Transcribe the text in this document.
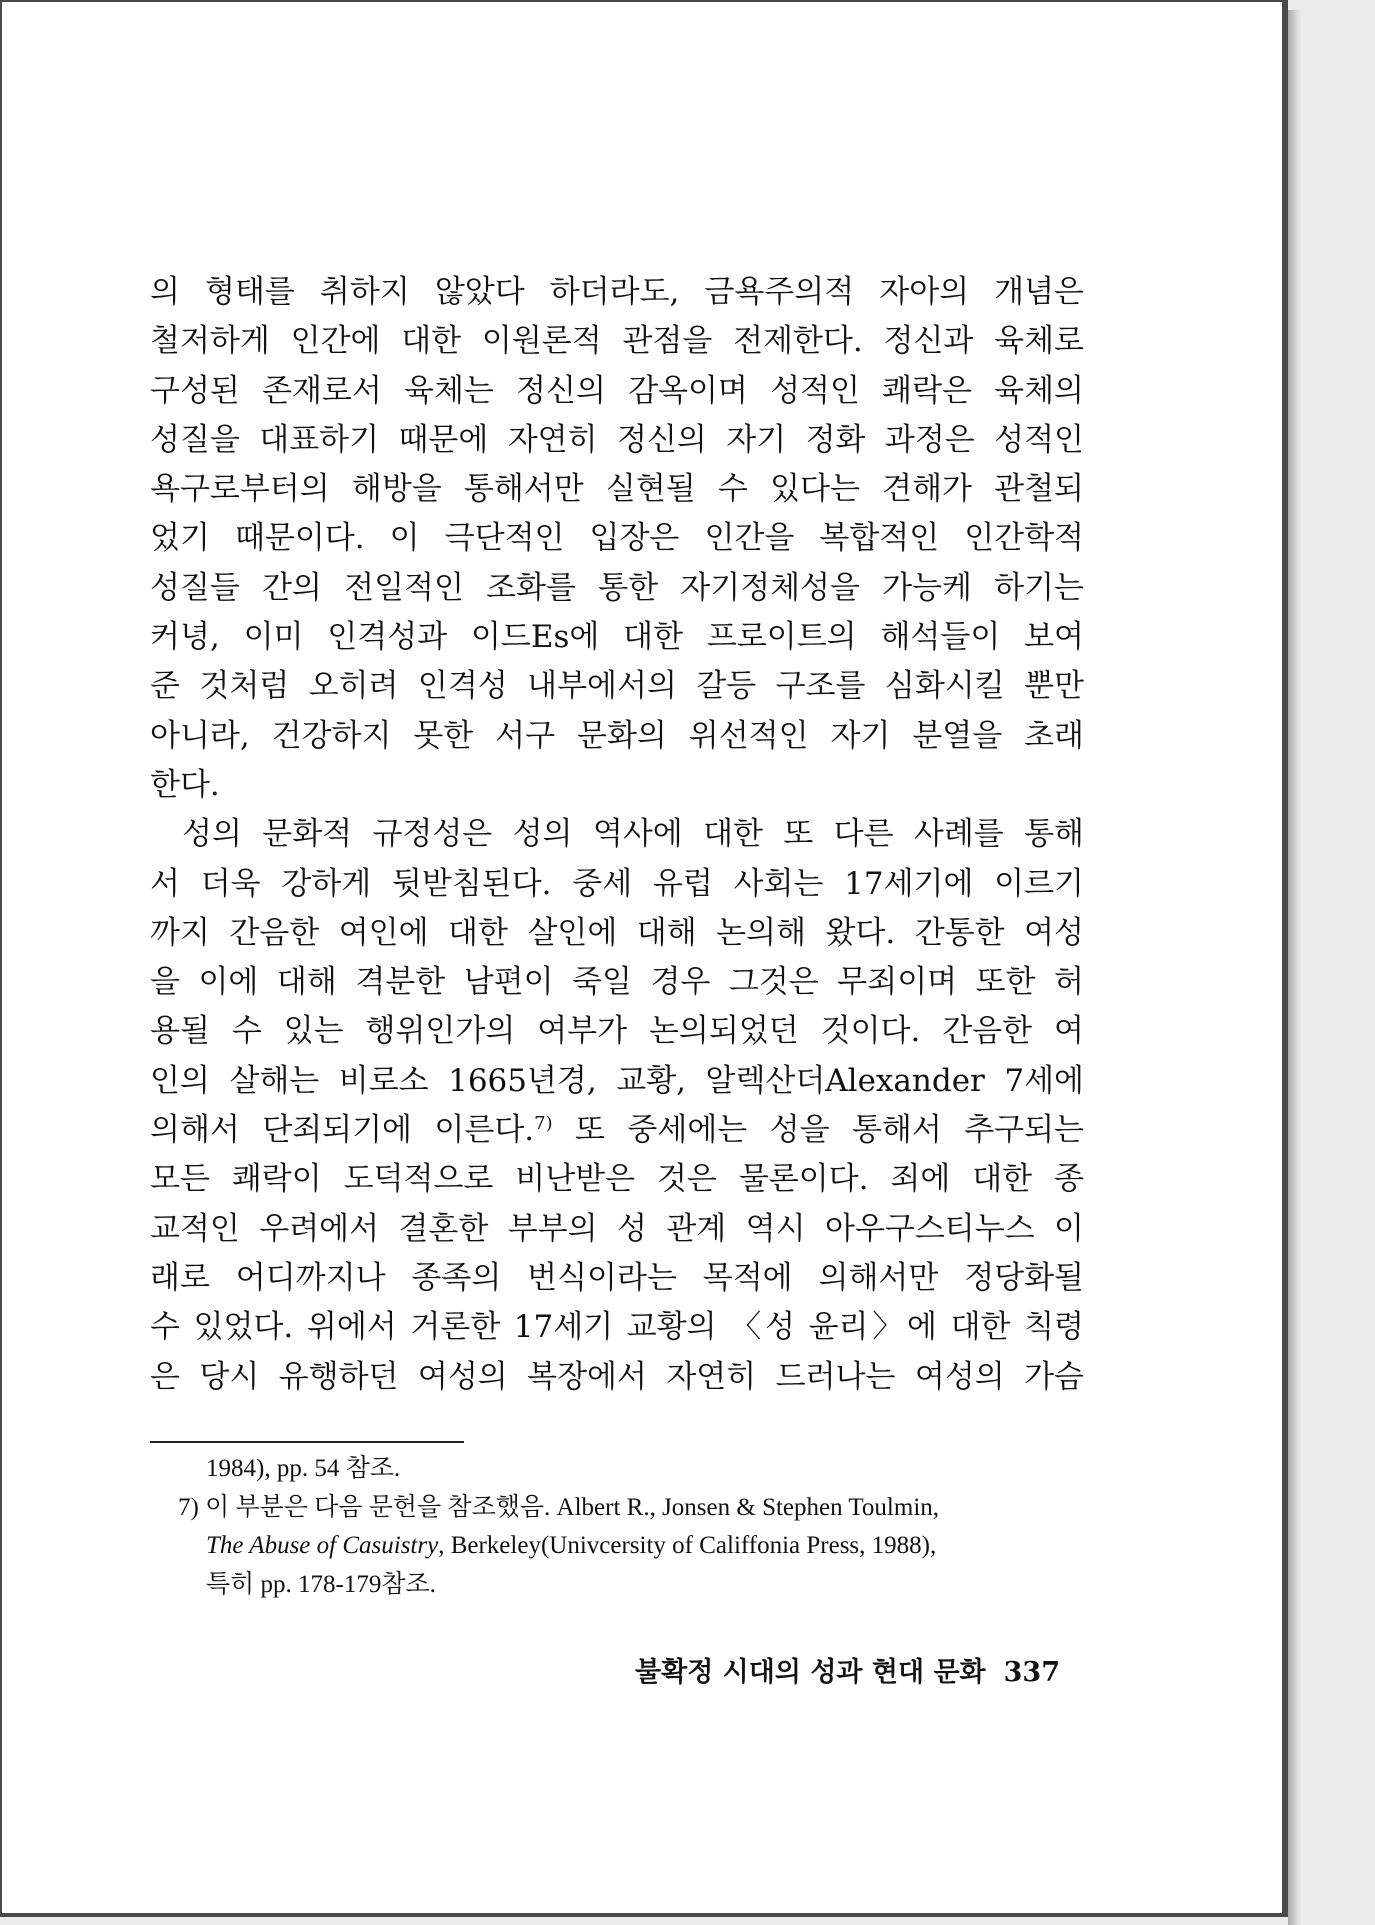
의 형태를 취하지 않았다 하더라도, 금욕주의적 자아의 개념은
철저하게 인간에 대한 이원론적 관점을 전제한다. 정신과 육체로
구성된 존재로서 육체는 정신의 감옥이며 성적인 쾌락은 육체의
성질을 대표하기 때문에 자연히 정신의 자기 정화 과정은 성적인
욕구로부터의 해방을 통해서만 실현될 수 있다는 견해가 관철되
었기 때문이다. 이 극단적인 입장은 인간을 복합적인 인간학적
성질들 간의 전일적인 조화를 통한 자기정체성을 가능케 하기는
커녕, 이미 인격성과 이드Es에 대한 프로이트의 해석들이 보여
준 것처럼 오히려 인격성 내부에서의 갈등 구조를 심화시킬 뿐만
아니라, 건강하지 못한 서구 문화의 위선적인 자기 분열을 초래
한다.
성의 문화적 규정성은 성의 역사에 대한 또 다른 사례를 통해
서 더욱 강하게 뒷받침된다. 중세 유럽 사회는 17세기에 이르기
까지 간음한 여인에 대한 살인에 대해 논의해 왔다. 간통한 여성
을 이에 대해 격분한 남편이 죽일 경우 그것은 무죄이며 또한 허
용될 수 있는 행위인가의 여부가 논의되었던 것이다. 간음한 여
인의 살해는 비로소 1665년경, 교황, 알렉산더Alexander 7세에
의해서 단죄되기에 이른다.$^{7)}$ 또 중세에는 성을 통해서 추구되는
모든 쾌락이 도덕적으로 비난받은 것은 물론이다. 죄에 대한 종
교적인 우려에서 결혼한 부부의 성 관계 역시 아우구스티누스 이
래로 어디까지나 종족의 번식이라는 목적에 의해서만 정당화될
수 있었다. 위에서 거론한 17세기 교황의 〈성 윤리〉에 대한 칙령
은 당시 유행하던 여성의 복장에서 자연히 드러나는 여성의 가슴
1984), pp. 54 참조.
7) 이 부분은 다음 문헌을 참조했음. Albert R., Jonsen & Stephen Toulmin,
The Abuse of Casuistry, Berkeley(Univcersity of Califfonia Press, 1988),
특히 pp. 178-179참조.
불확정 시대의 성과 현대 문화 337
